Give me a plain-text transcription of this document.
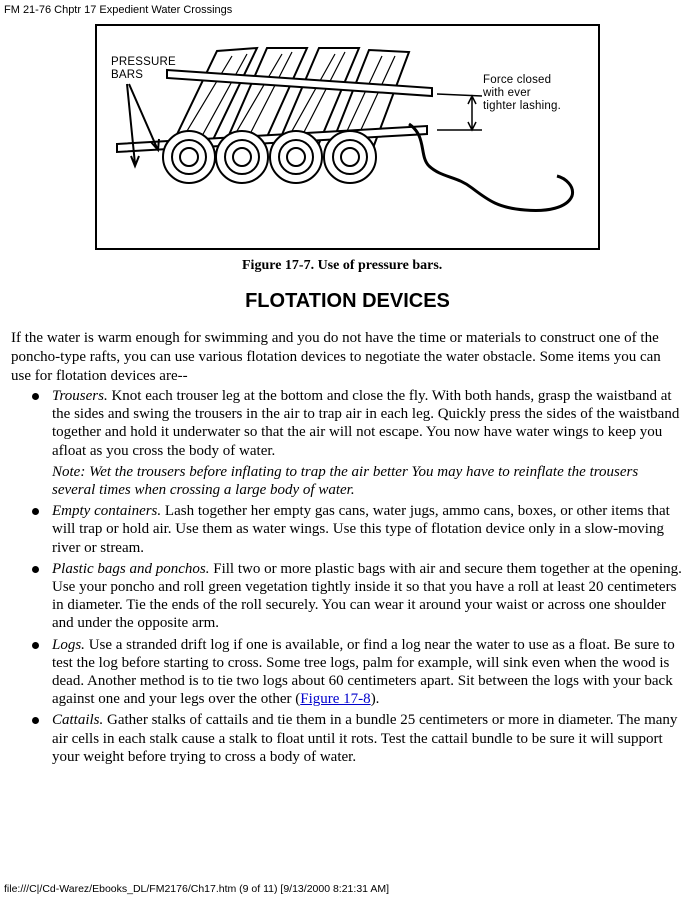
FM 21-76 Chptr 17 Expedient Water Crossings
PRESSURE BARS	Force closed
with ever
tighter lashing.
Figure 17-7. Use of pressure bars.
FLOTATION DEVICES
If the water is warm enough for swimming and you do not have the time or materials to construct one of the poncho-type rafts, you can use various flotation devices to negotiate the water obstacle. Some items you can use for flotation devices are--
Trousers. Knot each trouser leg at the bottom and close the fly. With both hands, grasp the waistband at the sides and swing the trousers in the air to trap air in each leg. Quickly press the sides of the waistband together and hold it underwater so that the air will not escape. You now have water wings to keep you afloat as you cross the body of water.
Note: Wet the trousers before inflating to trap the air better You may have to reinflate the trousers several times when crossing a large body of water.
Empty containers. Lash together her empty gas cans, water jugs, ammo cans, boxes, or other items that will trap or hold air. Use them as water wings. Use this type of flotation device only in a slow-moving river or stream.
Plastic bags and ponchos. Fill two or more plastic bags with air and secure them together at the opening. Use your poncho and roll green vegetation tightly inside it so that you have a roll at least 20 centimeters in diameter. Tie the ends of the roll securely. You can wear it around your waist or across one shoulder and under the opposite arm.
Logs. Use a stranded drift log if one is available, or find a log near the water to use as a float. Be sure to test the log before starting to cross. Some tree logs, palm for example, will sink even when the wood is dead. Another method is to tie two logs about 60 centimeters apart. Sit between the logs with your back against one and your legs over the other (Figure 17-8).
Cattails. Gather stalks of cattails and tie them in a bundle 25 centimeters or more in diameter. The many air cells in each stalk cause a stalk to float until it rots. Test the cattail bundle to be sure it will support your weight before trying to cross a body of water.
file:///C|/Cd-Warez/Ebooks_DL/FM2176/Ch17.htm (9 of 11) [9/13/2000 8:21:31 AM]
